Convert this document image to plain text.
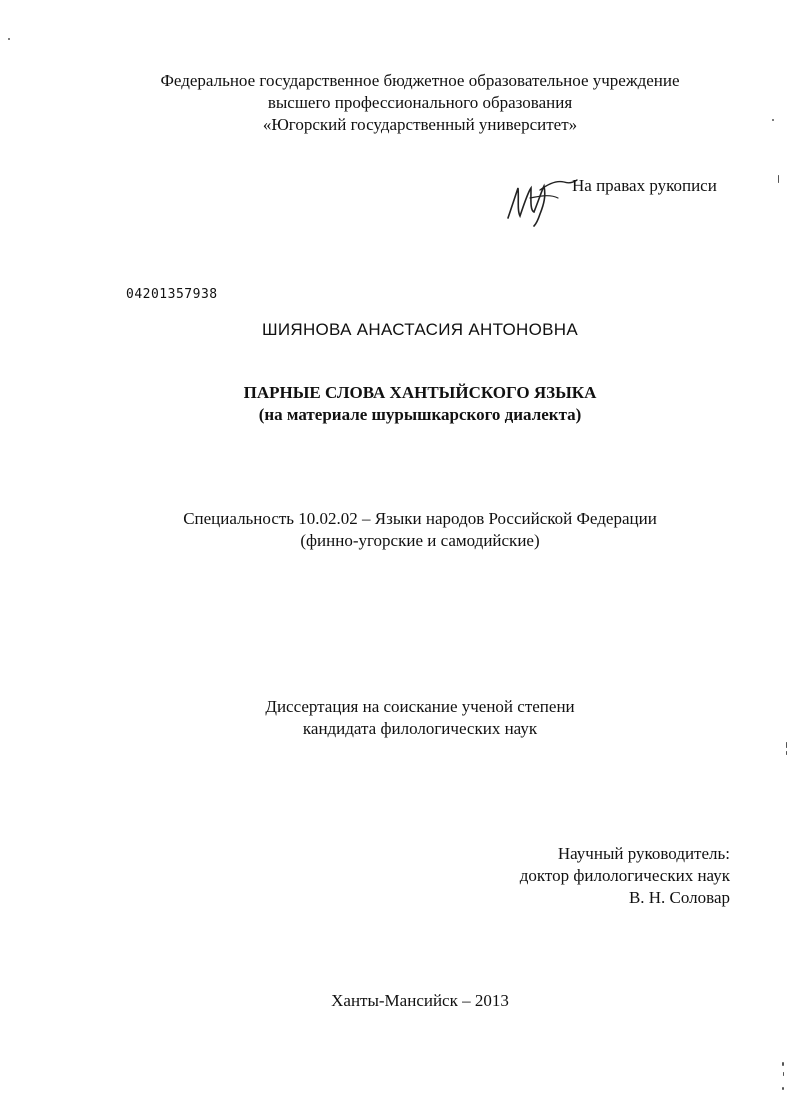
Федеральное государственное бюджетное образовательное учреждение
высшего профессионального образования
«Югорский государственный университет»
На правах рукописи
04201357938
ШИЯНОВА АНАСТАСИЯ АНТОНОВНА
ПАРНЫЕ СЛОВА ХАНТЫЙСКОГО ЯЗЫКА
(на материале шурышкарского диалекта)
Специальность 10.02.02 – Языки народов Российской Федерации
(финно-угорские и самодийские)
Диссертация на соискание ученой степени
кандидата филологических наук
Научный руководитель:
доктор филологических наук
В. Н. Соловар
Ханты-Мансийск – 2013
